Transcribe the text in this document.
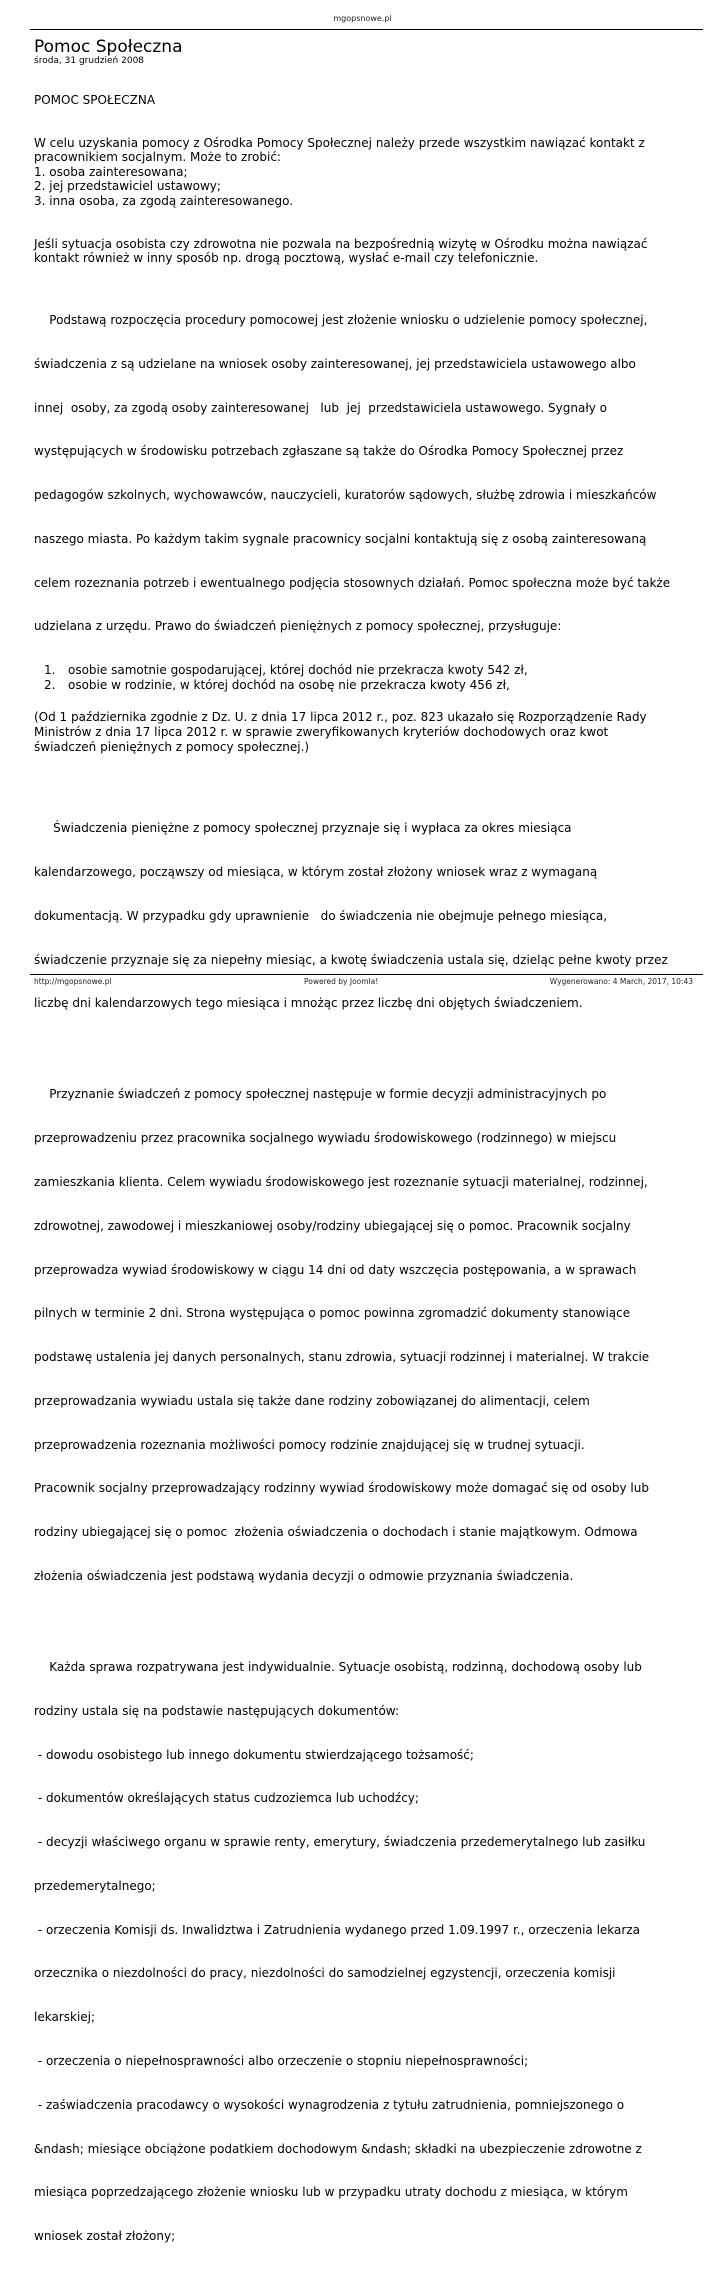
mgopsnowe.pl
Pomoc Społeczna
środa, 31 grudzień 2008

POMOC SPOŁECZNA

W celu uzyskania pomocy z Ośrodka Pomocy Społecznej należy przede wszystkim nawiązać kontakt z
pracownikiem socjalnym. Może to zrobić:
1. osoba zainteresowana;
2. jej przedstawiciel ustawowy;
3. inna osoba, za zgodą zainteresowanego.
Jeśli sytuacja osobista czy zdrowotna nie pozwala na bezpośrednią wizytę w Ośrodku można nawiązać
kontakt również w inny sposób np. drogą pocztową, wysłać e-mail czy telefonicznie.

Podstawą rozpoczęcia procedury pomocowej jest złożenie wniosku o udzielenie pomocy społecznej,

świadczenia z są udzielane na wniosek osoby zainteresowanej, jej przedstawiciela ustawowego albo

innej  osoby, za zgodą osoby zainteresowanej   lub  jej  przedstawiciela ustawowego. Sygnały o

występujących w środowisku potrzebach zgłaszane są także do Ośrodka Pomocy Społecznej przez

pedagogów szkolnych, wychowawców, nauczycieli, kuratorów sądowych, służbę zdrowia i mieszkańców

naszego miasta. Po każdym takim sygnale pracownicy socjalni kontaktują się z osobą zainteresowaną

celem rozeznania potrzeb i ewentualnego podjęcia stosownych działań. Pomoc społeczna może być także

udzielana z urzędu. Prawo do świadczeń pieniężnych z pomocy społecznej, przysługuje:

1. osobie samotnie gospodarującej, której dochód nie przekracza kwoty 542 zł,
2. osobie w rodzinie, w której dochód na osobę nie przekracza kwoty 456 zł,
(Od 1 października zgodnie z Dz. U. z dnia 17 lipca 2012 r., poz. 823 ukazało się Rozporządzenie Rady
Ministrów z dnia 17 lipca 2012 r. w sprawie zweryfikowanych kryteriów dochodowych oraz kwot
świadczeń pieniężnych z pomocy społecznej.)

Świadczenia pieniężne z pomocy społecznej przyznaje się i wypłaca za okres miesiąca

kalendarzowego, począwszy od miesiąca, w którym został złożony wniosek wraz z wymaganą

dokumentacją. W przypadku gdy uprawnienie   do świadczenia nie obejmuje pełnego miesiąca,

świadczenie przyznaje się za niepełny miesiąc, a kwotę świadczenia ustala się, dzieląc pełne kwoty przez

liczbę dni kalendarzowych tego miesiąca i mnożąc przez liczbę dni objętych świadczeniem.

Przyznanie świadczeń z pomocy społecznej następuje w formie decyzji administracyjnych po

przeprowadzeniu przez pracownika socjalnego wywiadu środowiskowego (rodzinnego) w miejscu

zamieszkania klienta. Celem wywiadu środowiskowego jest rozeznanie sytuacji materialnej, rodzinnej,

zdrowotnej, zawodowej i mieszkaniowej osoby/rodziny ubiegającej się o pomoc. Pracownik socjalny

przeprowadza wywiad środowiskowy w ciągu 14 dni od daty wszczęcia postępowania, a w sprawach

pilnych w terminie 2 dni. Strona występująca o pomoc powinna zgromadzić dokumenty stanowiące

podstawę ustalenia jej danych personalnych, stanu zdrowia, sytuacji rodzinnej i materialnej. W trakcie

przeprowadzania wywiadu ustala się także dane rodziny zobowiązanej do alimentacji, celem

przeprowadzenia rozeznania możliwości pomocy rodzinie znajdującej się w trudnej sytuacji.

Pracownik socjalny przeprowadzający rodzinny wywiad środowiskowy może domagać się od osoby lub

rodziny ubiegającej się o pomoc  złożenia oświadczenia o dochodach i stanie majątkowym. Odmowa

złożenia oświadczenia jest podstawą wydania decyzji o odmowie przyznania świadczenia.

Każda sprawa rozpatrywana jest indywidualnie. Sytuacje osobistą, rodzinną, dochodową osoby lub

rodziny ustala się na podstawie następujących dokumentów:

- dowodu osobistego lub innego dokumentu stwierdzającego tożsamość;

- dokumentów określających status cudzoziemca lub uchodźcy;

- decyzji właściwego organu w sprawie renty, emerytury, świadczenia przedemerytalnego lub zasiłku

przedemerytalnego;

- orzeczenia Komisji ds. Inwalidztwa i Zatrudnienia wydanego przed 1.09.1997 r., orzeczenia lekarza

orzecznika o niezdolności do pracy, niezdolności do samodzielnej egzystencji, orzeczenia komisji

lekarskiej;

- orzeczenia o niepełnosprawności albo orzeczenie o stopniu niepełnosprawności;

- zaświadczenia pracodawcy o wysokości wynagrodzenia z tytułu zatrudnienia, pomniejszonego o

&ndash; miesiące obciążone podatkiem dochodowym &ndash; składki na ubezpieczenie zdrowotne z

miesiąca poprzedzającego złożenie wniosku lub w przypadku utraty dochodu z miesiąca, w którym

wniosek został złożony;

http://mgopsnowe.pl	Powered by Joomla!	Wygenerowano: 4 March, 2017, 10:43
